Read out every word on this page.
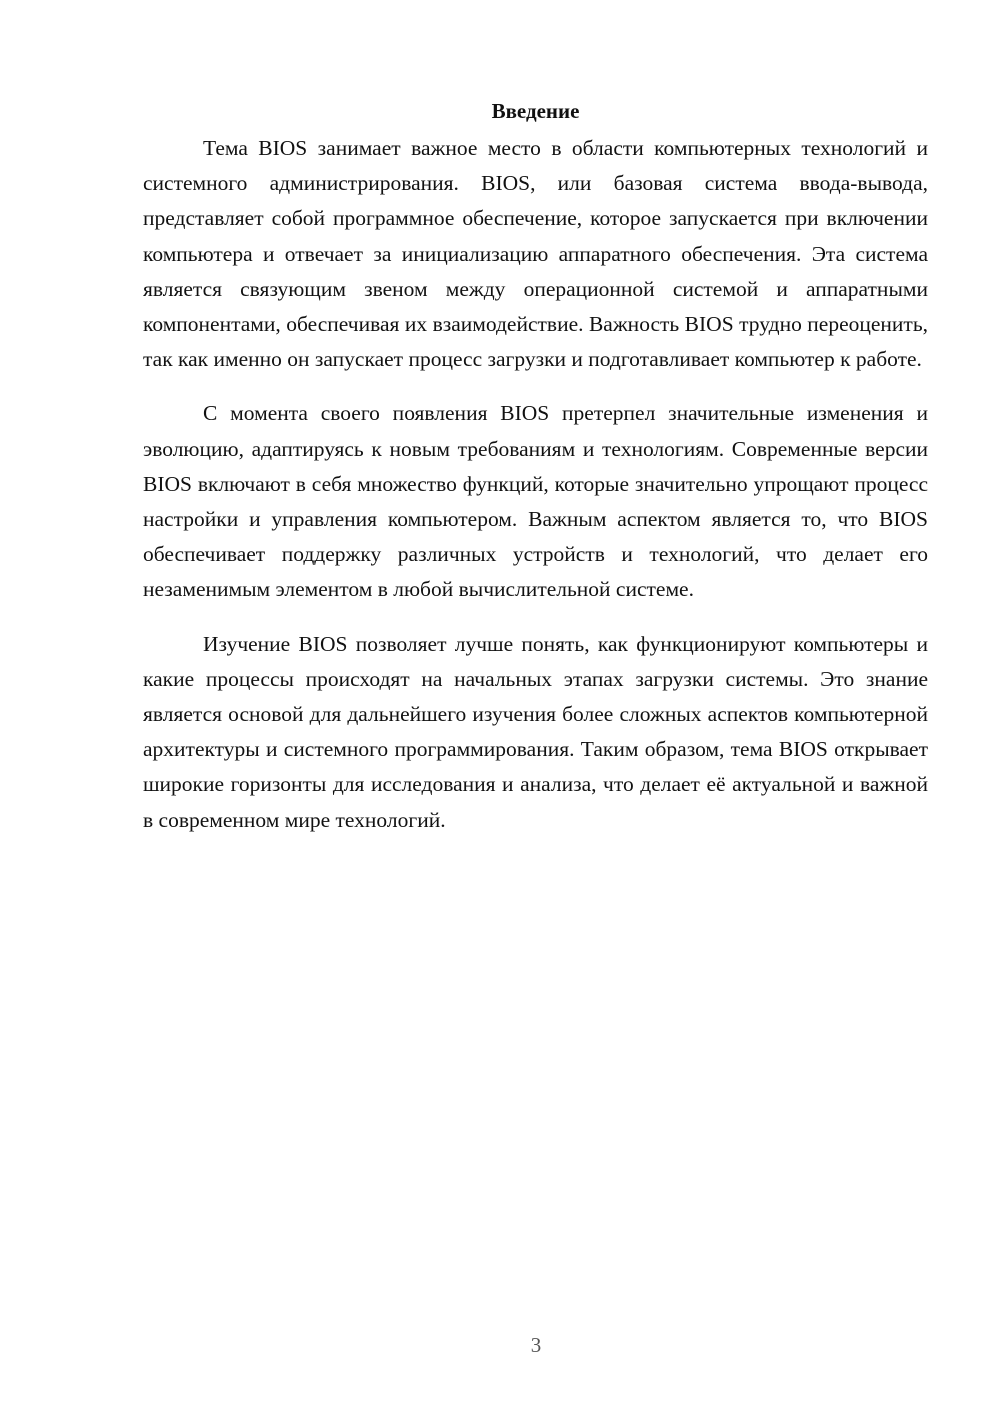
Введение

Тема BIOS занимает важное место в области компьютерных технологий и системного администрирования. BIOS, или базовая система ввода-вывода, представляет собой программное обеспечение, которое запускается при включении компьютера и отвечает за инициализацию аппаратного обеспечения. Эта система является связующим звеном между операционной системой и аппаратными компонентами, обеспечивая их взаимодействие. Важность BIOS трудно переоценить, так как именно он запускает процесс загрузки и подготавливает компьютер к работе.

С момента своего появления BIOS претерпел значительные изменения и эволюцию, адаптируясь к новым требованиям и технологиям. Современные версии BIOS включают в себя множество функций, которые значительно упрощают процесс настройки и управления компьютером. Важным аспектом является то, что BIOS обеспечивает поддержку различных устройств и технологий, что делает его незаменимым элементом в любой вычислительной системе.

Изучение BIOS позволяет лучше понять, как функционируют компьютеры и какие процессы происходят на начальных этапах загрузки системы. Это знание является основой для дальнейшего изучения более сложных аспектов компьютерной архитектуры и системного программирования. Таким образом, тема BIOS открывает широкие горизонты для исследования и анализа, что делает её актуальной и важной в современном мире технологий.

3
